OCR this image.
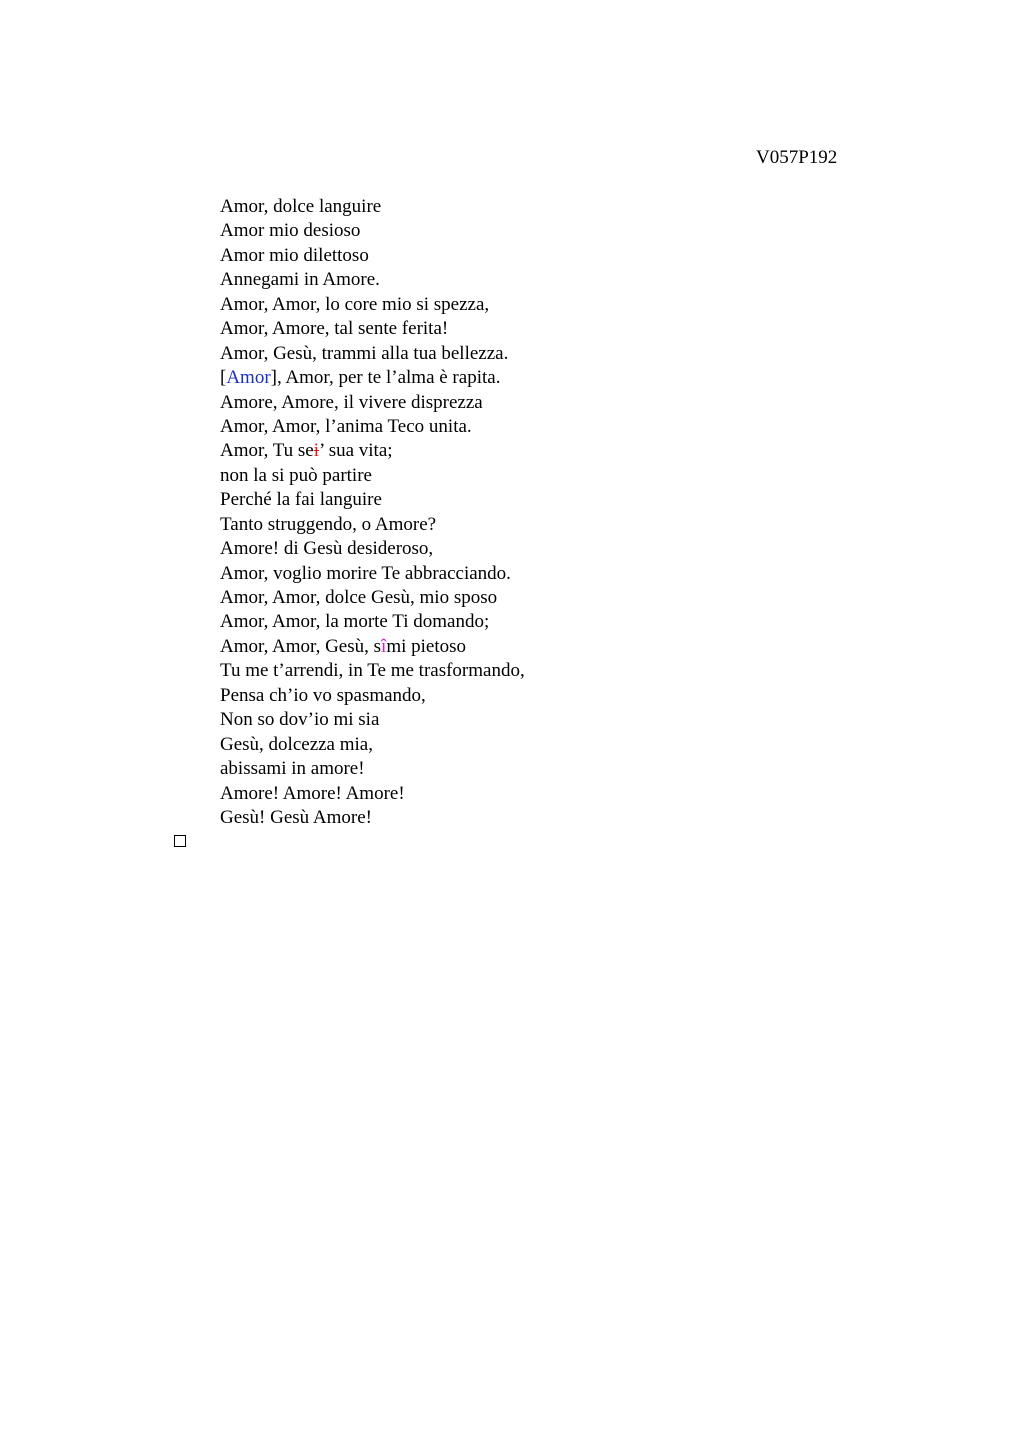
V057P192
Amor, dolce languire
Amor mio desioso
Amor mio dilettoso
Annegami in Amore.
Amor, Amor, lo core mio si spezza,
Amor, Amore, tal sente ferita!
Amor, Gesù, trammi alla tua bellezza.
[Amor], Amor, per te l’alma è rapita.
Amore, Amore, il vivere disprezza
Amor, Amor, l’anima Teco unita.
Amor, Tu sei’ sua vita;
non la si può partire
Perché la fai languire
Tanto struggendo, o Amore?
Amore! di Gesù desideroso,
Amor, voglio morire Te abbracciando.
Amor, Amor, dolce Gesù, mio sposo
Amor, Amor, la morte Ti domando;
Amor, Amor, Gesù, sîmi pietoso
Tu me t’arrendi, in Te me trasformando,
Pensa ch’io vo spasmando,
Non so dov’io mi sia
Gesù, dolcezza mia,
abissami in amore!
Amore! Amore! Amore!
Gesù! Gesù Amore!
